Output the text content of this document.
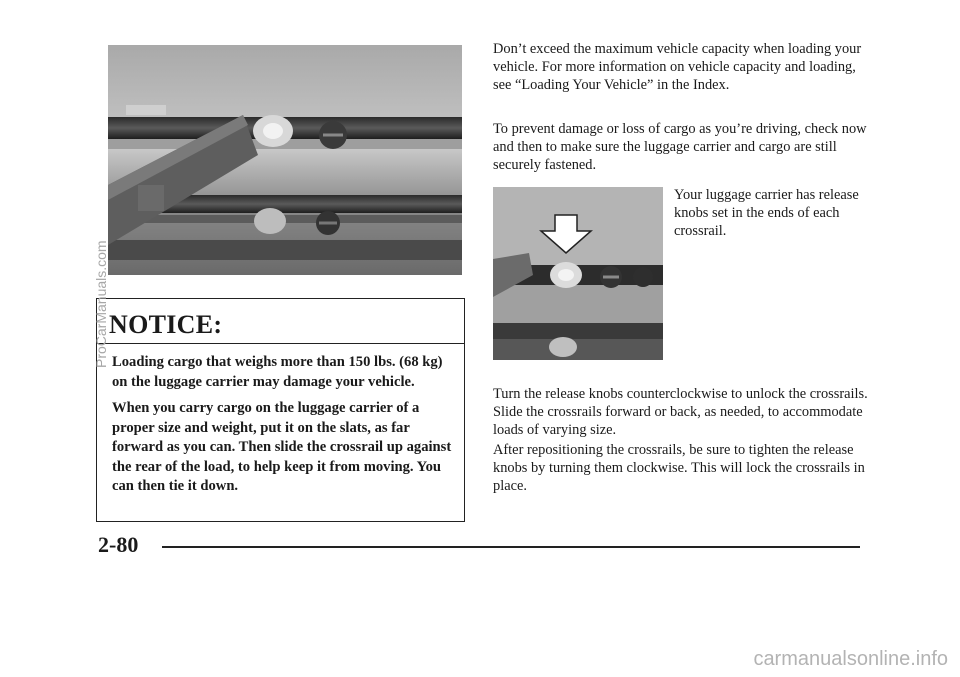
NOTICE:

Loading cargo that weighs more than 150 lbs. (68 kg) on the luggage carrier may damage your vehicle.

When you carry cargo on the luggage carrier of a proper size and weight, put it on the slats, as far forward as you can. Then slide the crossrail up against the rear of the load, to help keep it from moving. You can then tie it down.

Don’t exceed the maximum vehicle capacity when loading your vehicle. For more information on vehicle capacity and loading, see “Loading Your Vehicle” in the Index.

To prevent damage or loss of cargo as you’re driving, check now and then to make sure the luggage carrier and cargo are still securely fastened.

Your luggage carrier has release knobs set in the ends of each crossrail.

Turn the release knobs counterclockwise to unlock the crossrails. Slide the crossrails forward or back, as needed, to accommodate loads of varying size.

After repositioning the crossrails, be sure to tighten the release knobs by turning them clockwise. This will lock the crossrails in place.

2-80
ProCarManuals.com
carmanualsonline.info
